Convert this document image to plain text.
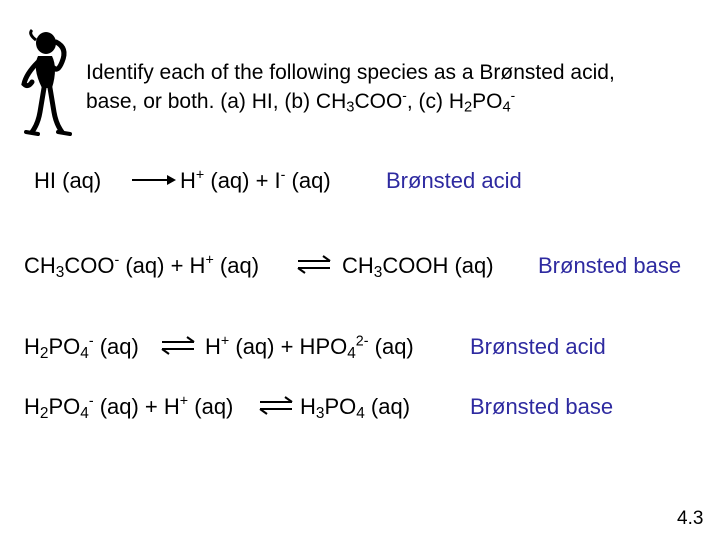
Identify each of the following species as a Brønsted acid,
base, or both. (a) HI, (b) $CH_3COO^-$, (c) $H_2PO_4^-$
HI (aq)	H+ (aq) + I- (aq)	Brønsted acid
$CH_3COO^-$ (aq) + H+ (aq) ⇌ $CH_3COOH$ (aq) Brønsted base
$H_2PO_4^-$ (aq) ⇌ H+ $(aq) + HPO_4^{2-}$ (aq)	Brønsted acid
$H_2PO_4^-$ (aq) + H+ (aq) ⇌ $H_3PO_4$ (aq)	Brønsted base
4.3
